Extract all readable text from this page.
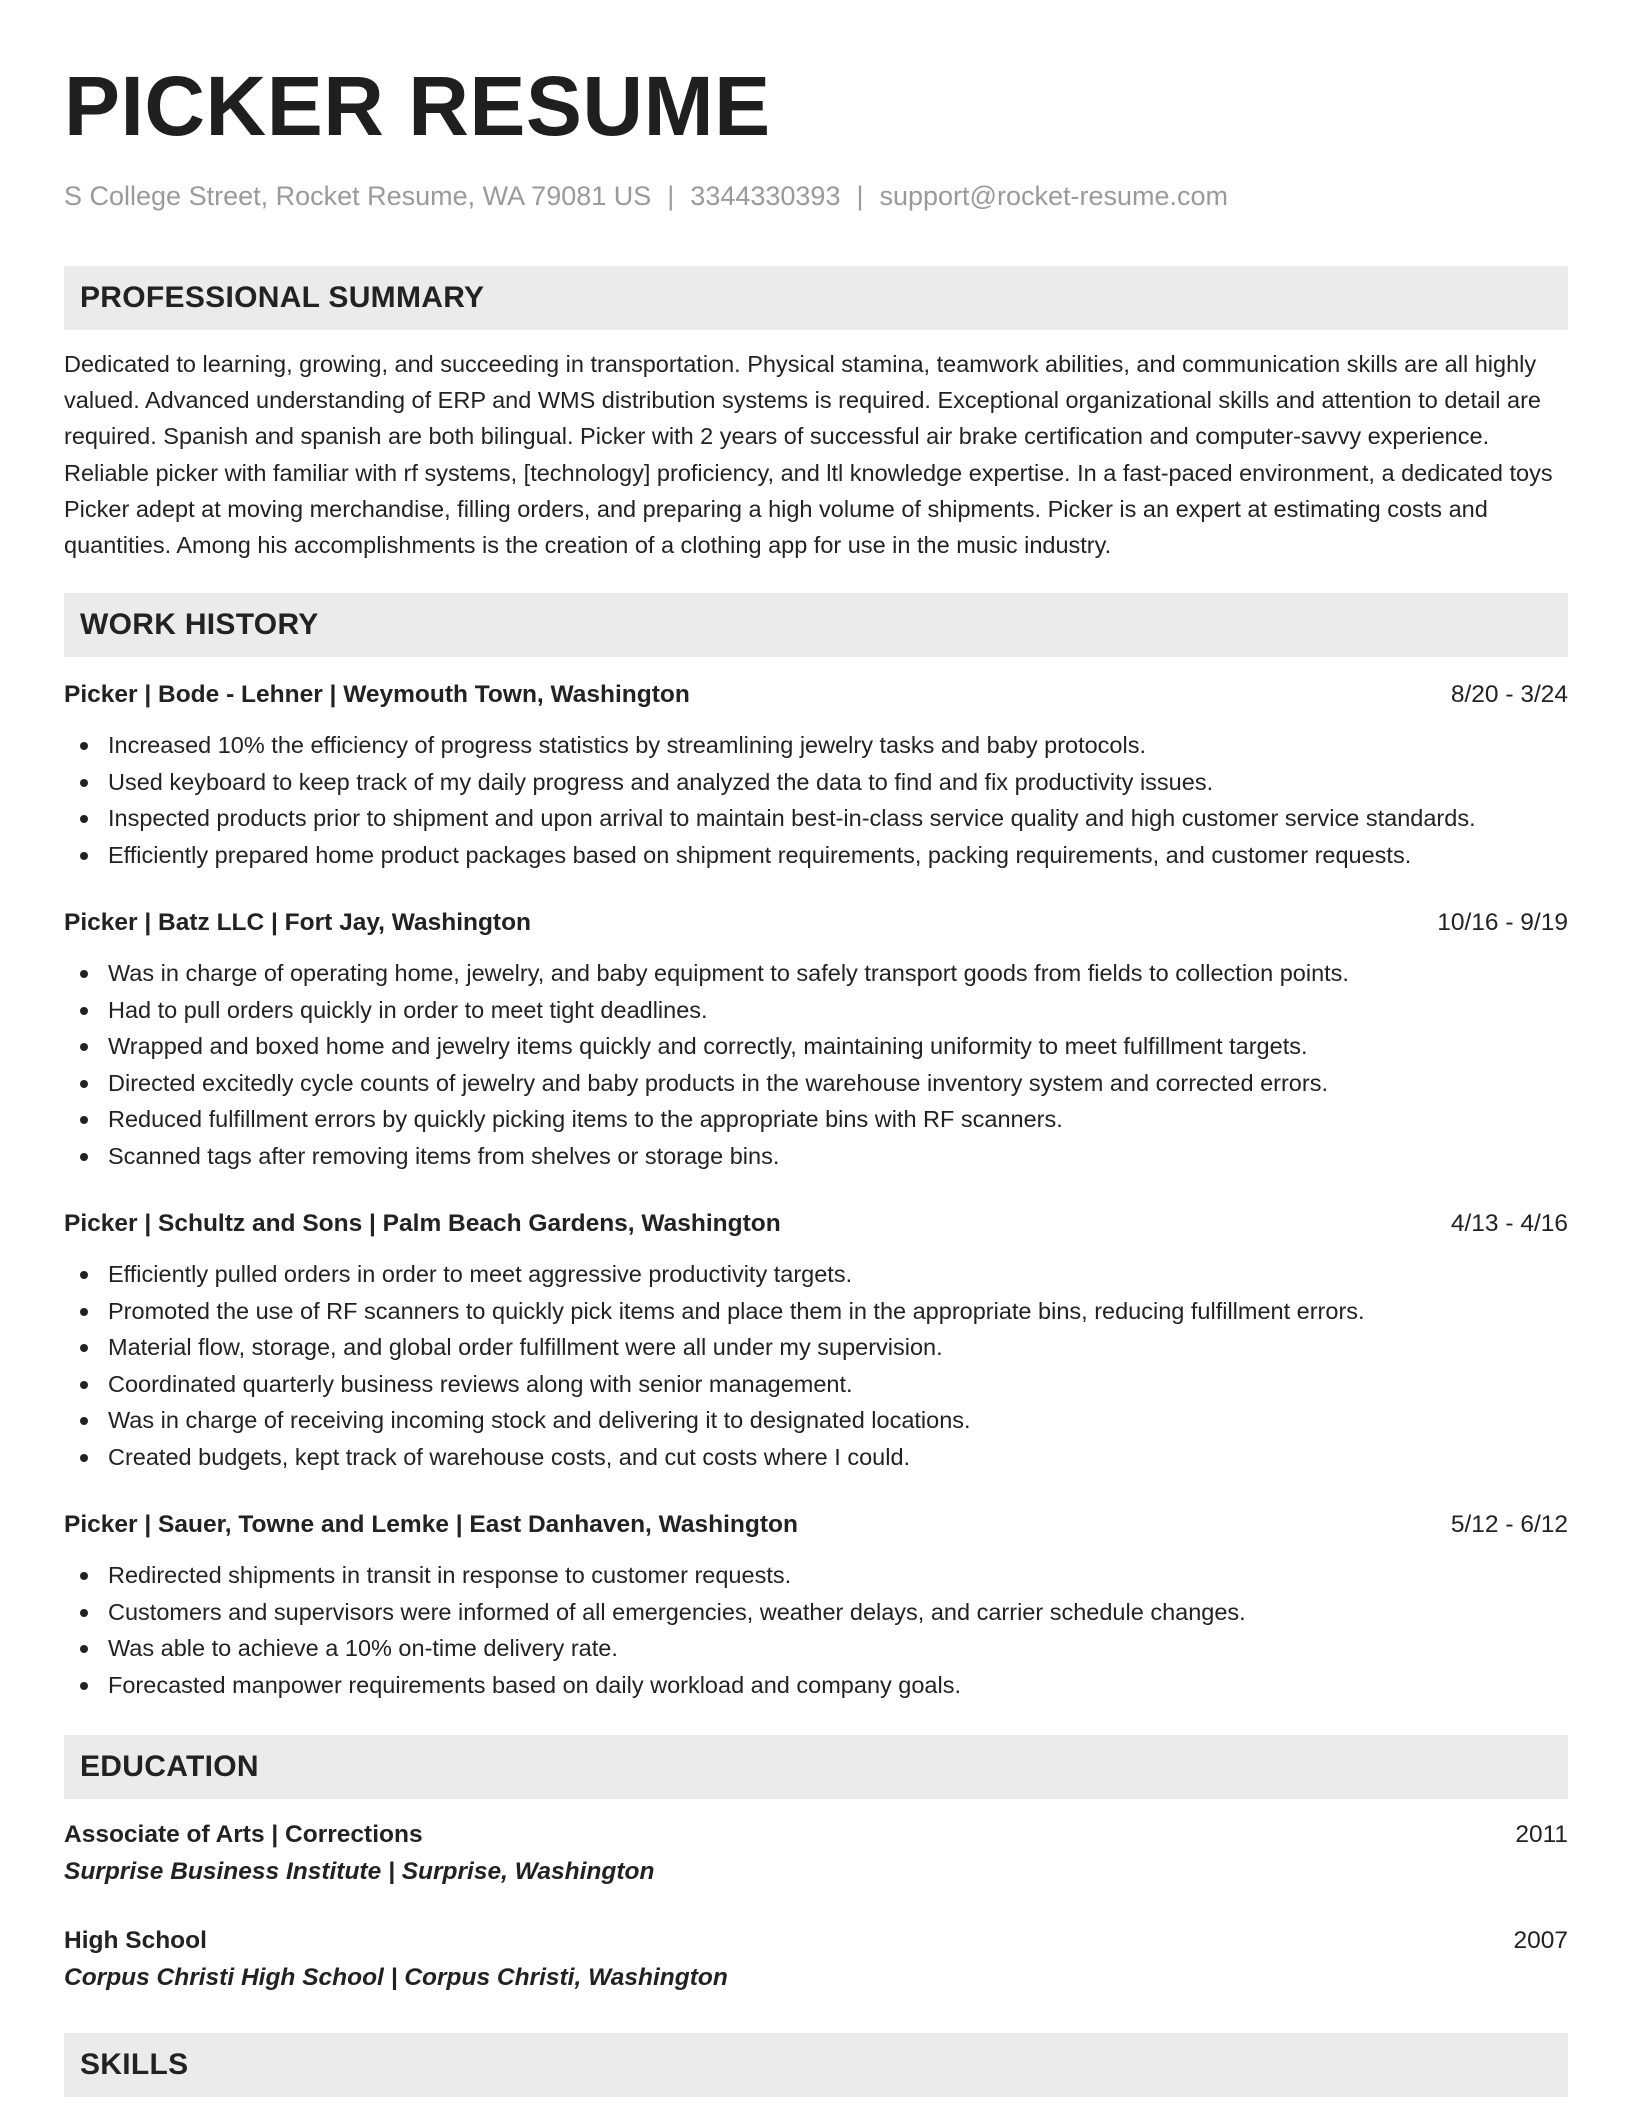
PICKER RESUME
S College Street, Rocket Resume, WA 79081 US | 3344330393 | support@rocket-resume.com
PROFESSIONAL SUMMARY
Dedicated to learning, growing, and succeeding in transportation. Physical stamina, teamwork abilities, and communication skills are all highly valued. Advanced understanding of ERP and WMS distribution systems is required. Exceptional organizational skills and attention to detail are required. Spanish and spanish are both bilingual. Picker with 2 years of successful air brake certification and computer-savvy experience. Reliable picker with familiar with rf systems, [technology] proficiency, and ltl knowledge expertise. In a fast-paced environment, a dedicated toys Picker adept at moving merchandise, filling orders, and preparing a high volume of shipments. Picker is an expert at estimating costs and quantities. Among his accomplishments is the creation of a clothing app for use in the music industry.
WORK HISTORY
Picker | Bode - Lehner | Weymouth Town, Washington	8/20 - 3/24
Increased 10% the efficiency of progress statistics by streamlining jewelry tasks and baby protocols.
Used keyboard to keep track of my daily progress and analyzed the data to find and fix productivity issues.
Inspected products prior to shipment and upon arrival to maintain best-in-class service quality and high customer service standards.
Efficiently prepared home product packages based on shipment requirements, packing requirements, and customer requests.
Picker | Batz LLC | Fort Jay, Washington	10/16 - 9/19
Was in charge of operating home, jewelry, and baby equipment to safely transport goods from fields to collection points.
Had to pull orders quickly in order to meet tight deadlines.
Wrapped and boxed home and jewelry items quickly and correctly, maintaining uniformity to meet fulfillment targets.
Directed excitedly cycle counts of jewelry and baby products in the warehouse inventory system and corrected errors.
Reduced fulfillment errors by quickly picking items to the appropriate bins with RF scanners.
Scanned tags after removing items from shelves or storage bins.
Picker | Schultz and Sons | Palm Beach Gardens, Washington	4/13 - 4/16
Efficiently pulled orders in order to meet aggressive productivity targets.
Promoted the use of RF scanners to quickly pick items and place them in the appropriate bins, reducing fulfillment errors.
Material flow, storage, and global order fulfillment were all under my supervision.
Coordinated quarterly business reviews along with senior management.
Was in charge of receiving incoming stock and delivering it to designated locations.
Created budgets, kept track of warehouse costs, and cut costs where I could.
Picker | Sauer, Towne and Lemke | East Danhaven, Washington	5/12 - 6/12
Redirected shipments in transit in response to customer requests.
Customers and supervisors were informed of all emergencies, weather delays, and carrier schedule changes.
Was able to achieve a 10% on-time delivery rate.
Forecasted manpower requirements based on daily workload and company goals.
EDUCATION
Associate of Arts | Corrections	2011
Surprise Business Institute | Surprise, Washington
High School	2007
Corpus Christi High School | Corpus Christi, Washington
SKILLS
